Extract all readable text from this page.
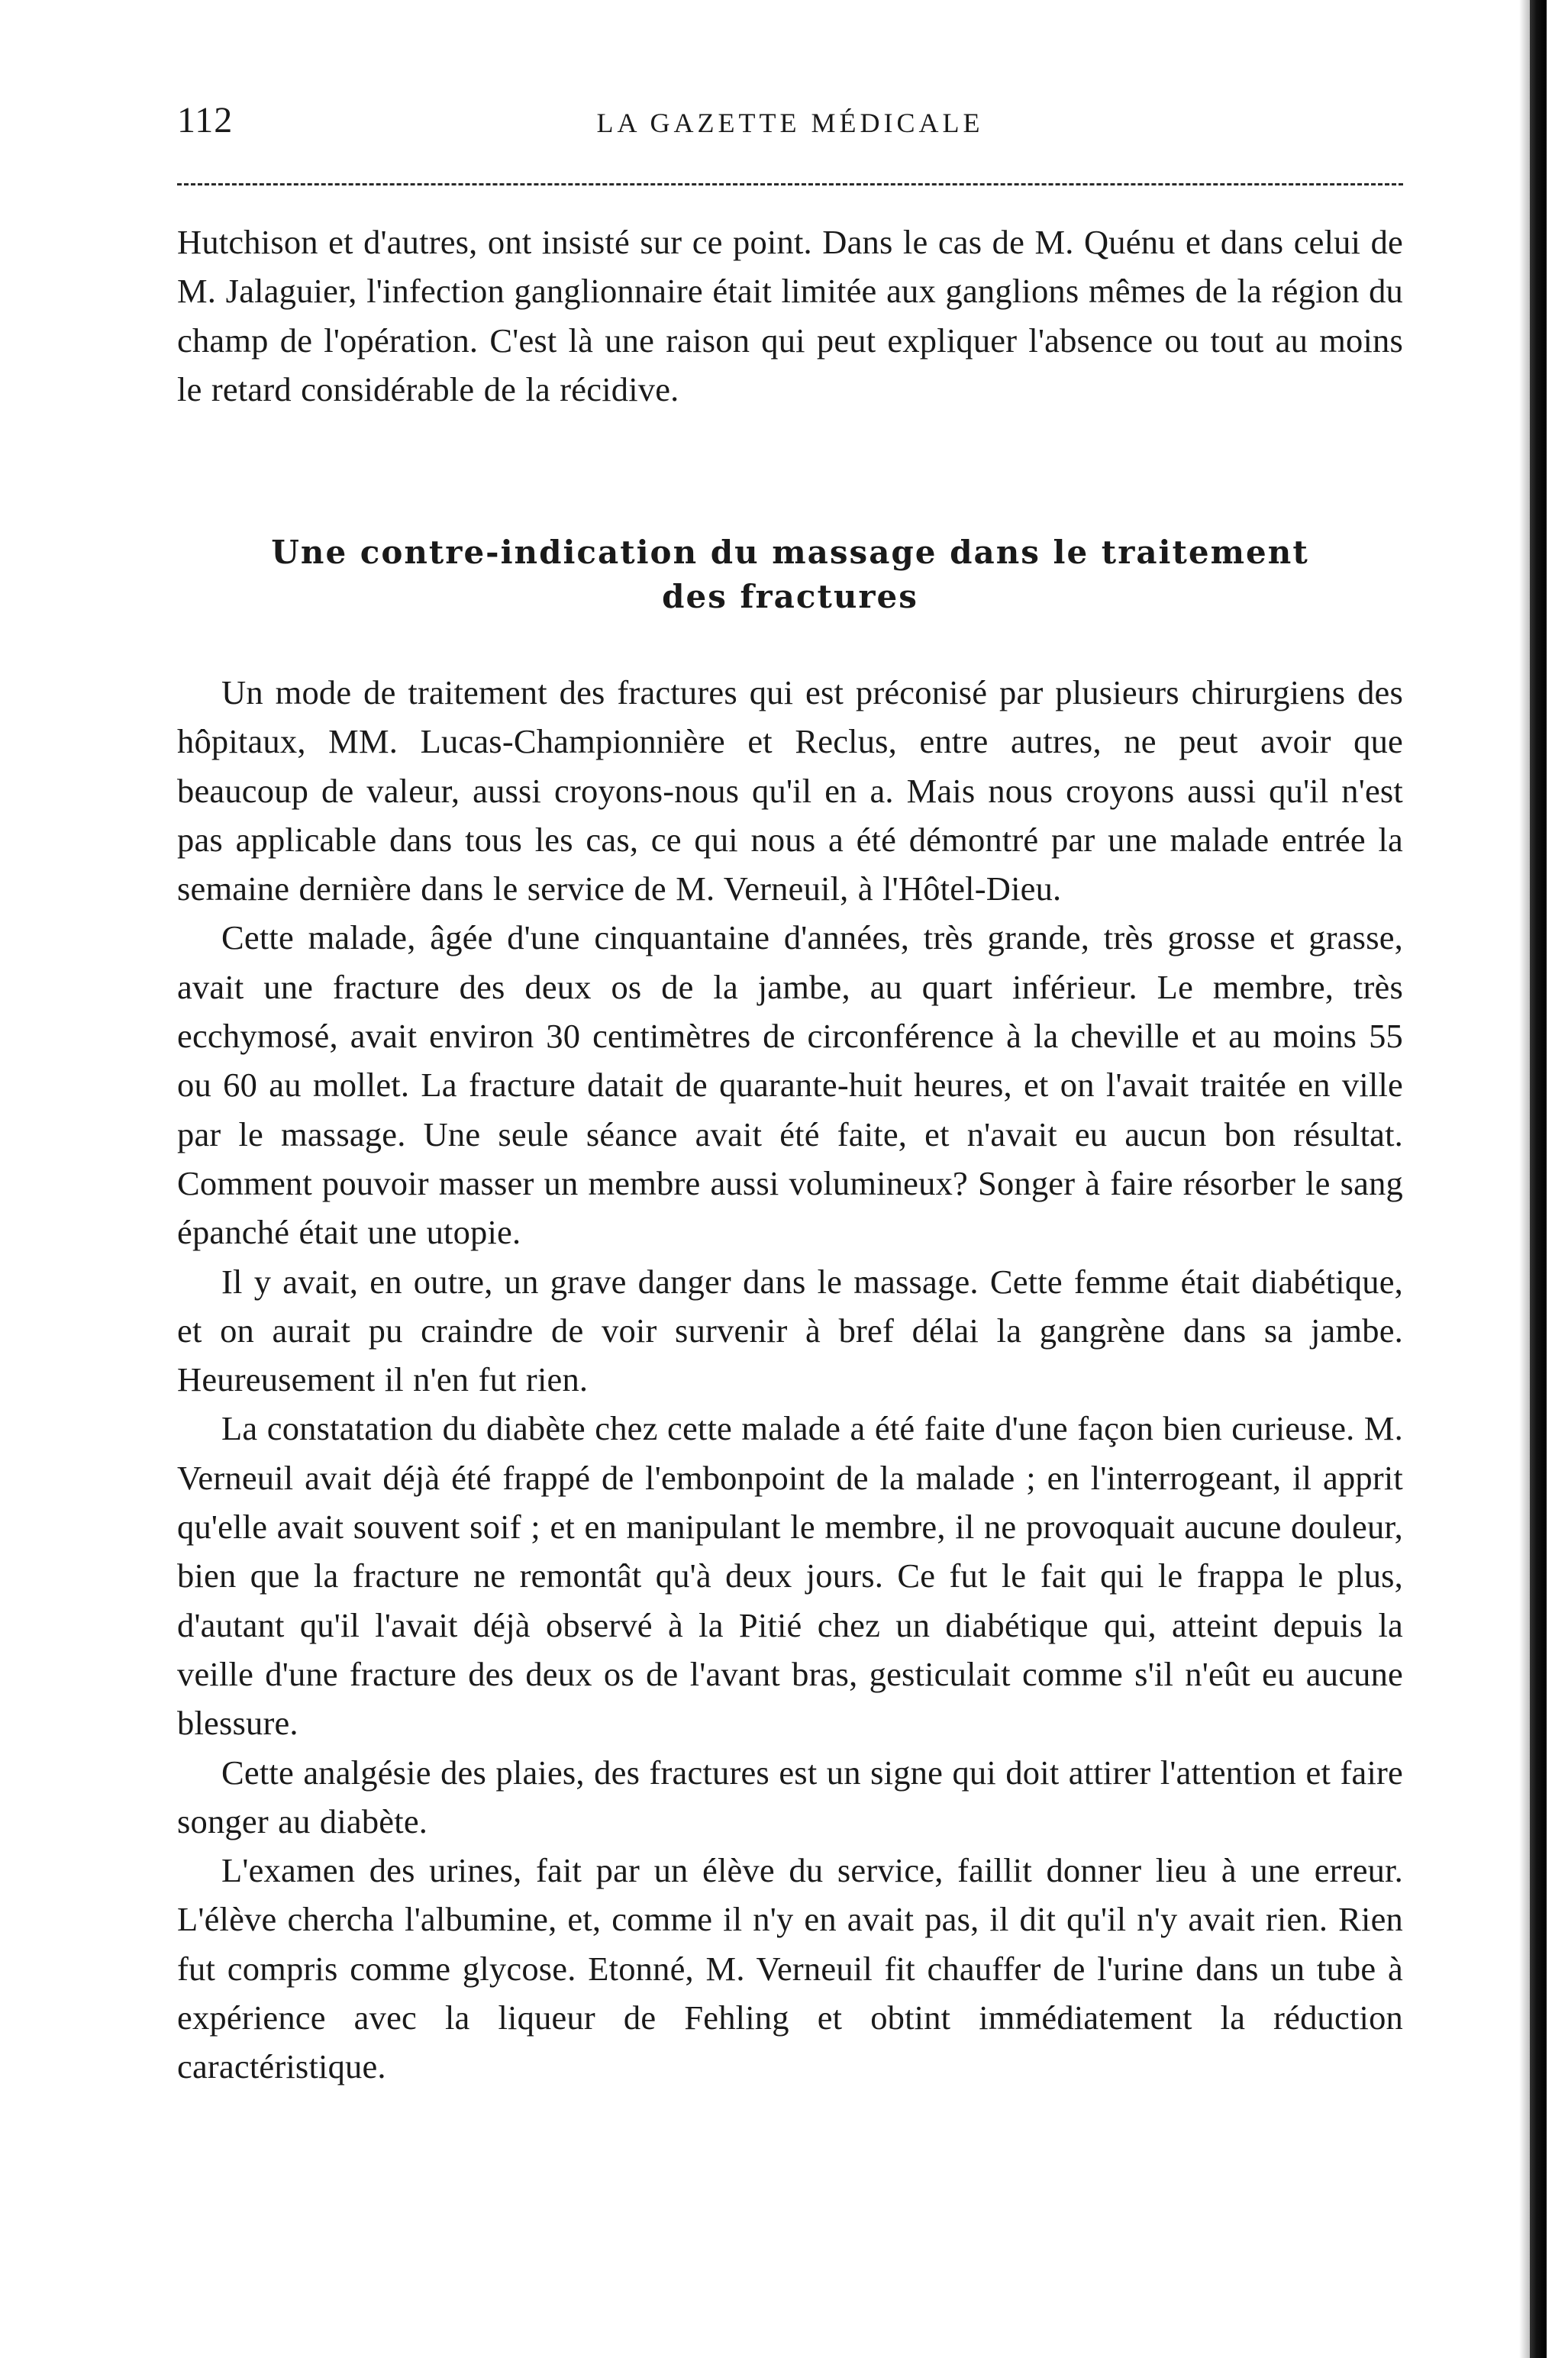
112	LA GAZETTE MÉDICALE

Hutchison et d'autres, ont insisté sur ce point. Dans le cas de M. Quénu et dans celui de M. Jalaguier, l'infection ganglionnaire était limitée aux ganglions mêmes de la région du champ de l'opération. C'est là une raison qui peut expliquer l'absence ou tout au moins le retard considérable de la récidive.

Une contre-indication du massage dans le traitement
des fractures

Un mode de traitement des fractures qui est préconisé par plusieurs chirurgiens des hôpitaux, MM. Lucas-Championnière et Reclus, entre autres, ne peut avoir que beaucoup de valeur, aussi croyons-nous qu'il en a. Mais nous croyons aussi qu'il n'est pas applicable dans tous les cas, ce qui nous a été démontré par une malade entrée la semaine dernière dans le service de M. Verneuil, à l'Hôtel-Dieu.

Cette malade, âgée d'une cinquantaine d'années, très grande, très grosse et grasse, avait une fracture des deux os de la jambe, au quart inférieur. Le membre, très ecchymosé, avait environ 30 centimètres de circonférence à la cheville et au moins 55 ou 60 au mollet. La fracture datait de quarante-huit heures, et on l'avait traitée en ville par le massage. Une seule séance avait été faite, et n'avait eu aucun bon résultat. Comment pouvoir masser un membre aussi volumineux? Songer à faire résorber le sang épanché était une utopie.

Il y avait, en outre, un grave danger dans le massage. Cette femme était diabétique, et on aurait pu craindre de voir survenir à bref délai la gangrène dans sa jambe. Heureusement il n'en fut rien.

La constatation du diabète chez cette malade a été faite d'une façon bien curieuse. M. Verneuil avait déjà été frappé de l'embonpoint de la malade ; en l'interrogeant, il apprit qu'elle avait souvent soif ; et en manipulant le membre, il ne provoquait aucune douleur, bien que la fracture ne remontât qu'à deux jours. Ce fut le fait qui le frappa le plus, d'autant qu'il l'avait déjà observé à la Pitié chez un diabétique qui, atteint depuis la veille d'une fracture des deux os de l'avant bras, gesticulait comme s'il n'eût eu aucune blessure.

Cette analgésie des plaies, des fractures est un signe qui doit attirer l'attention et faire songer au diabète.

L'examen des urines, fait par un élève du service, faillit donner lieu à une erreur. L'élève chercha l'albumine, et, comme il n'y en avait pas, il dit qu'il n'y avait rien. Rien fut compris comme glycose. Etonné, M. Verneuil fit chauffer de l'urine dans un tube à expérience avec la liqueur de Fehling et obtint immédiatement la réduction caractéristique.
